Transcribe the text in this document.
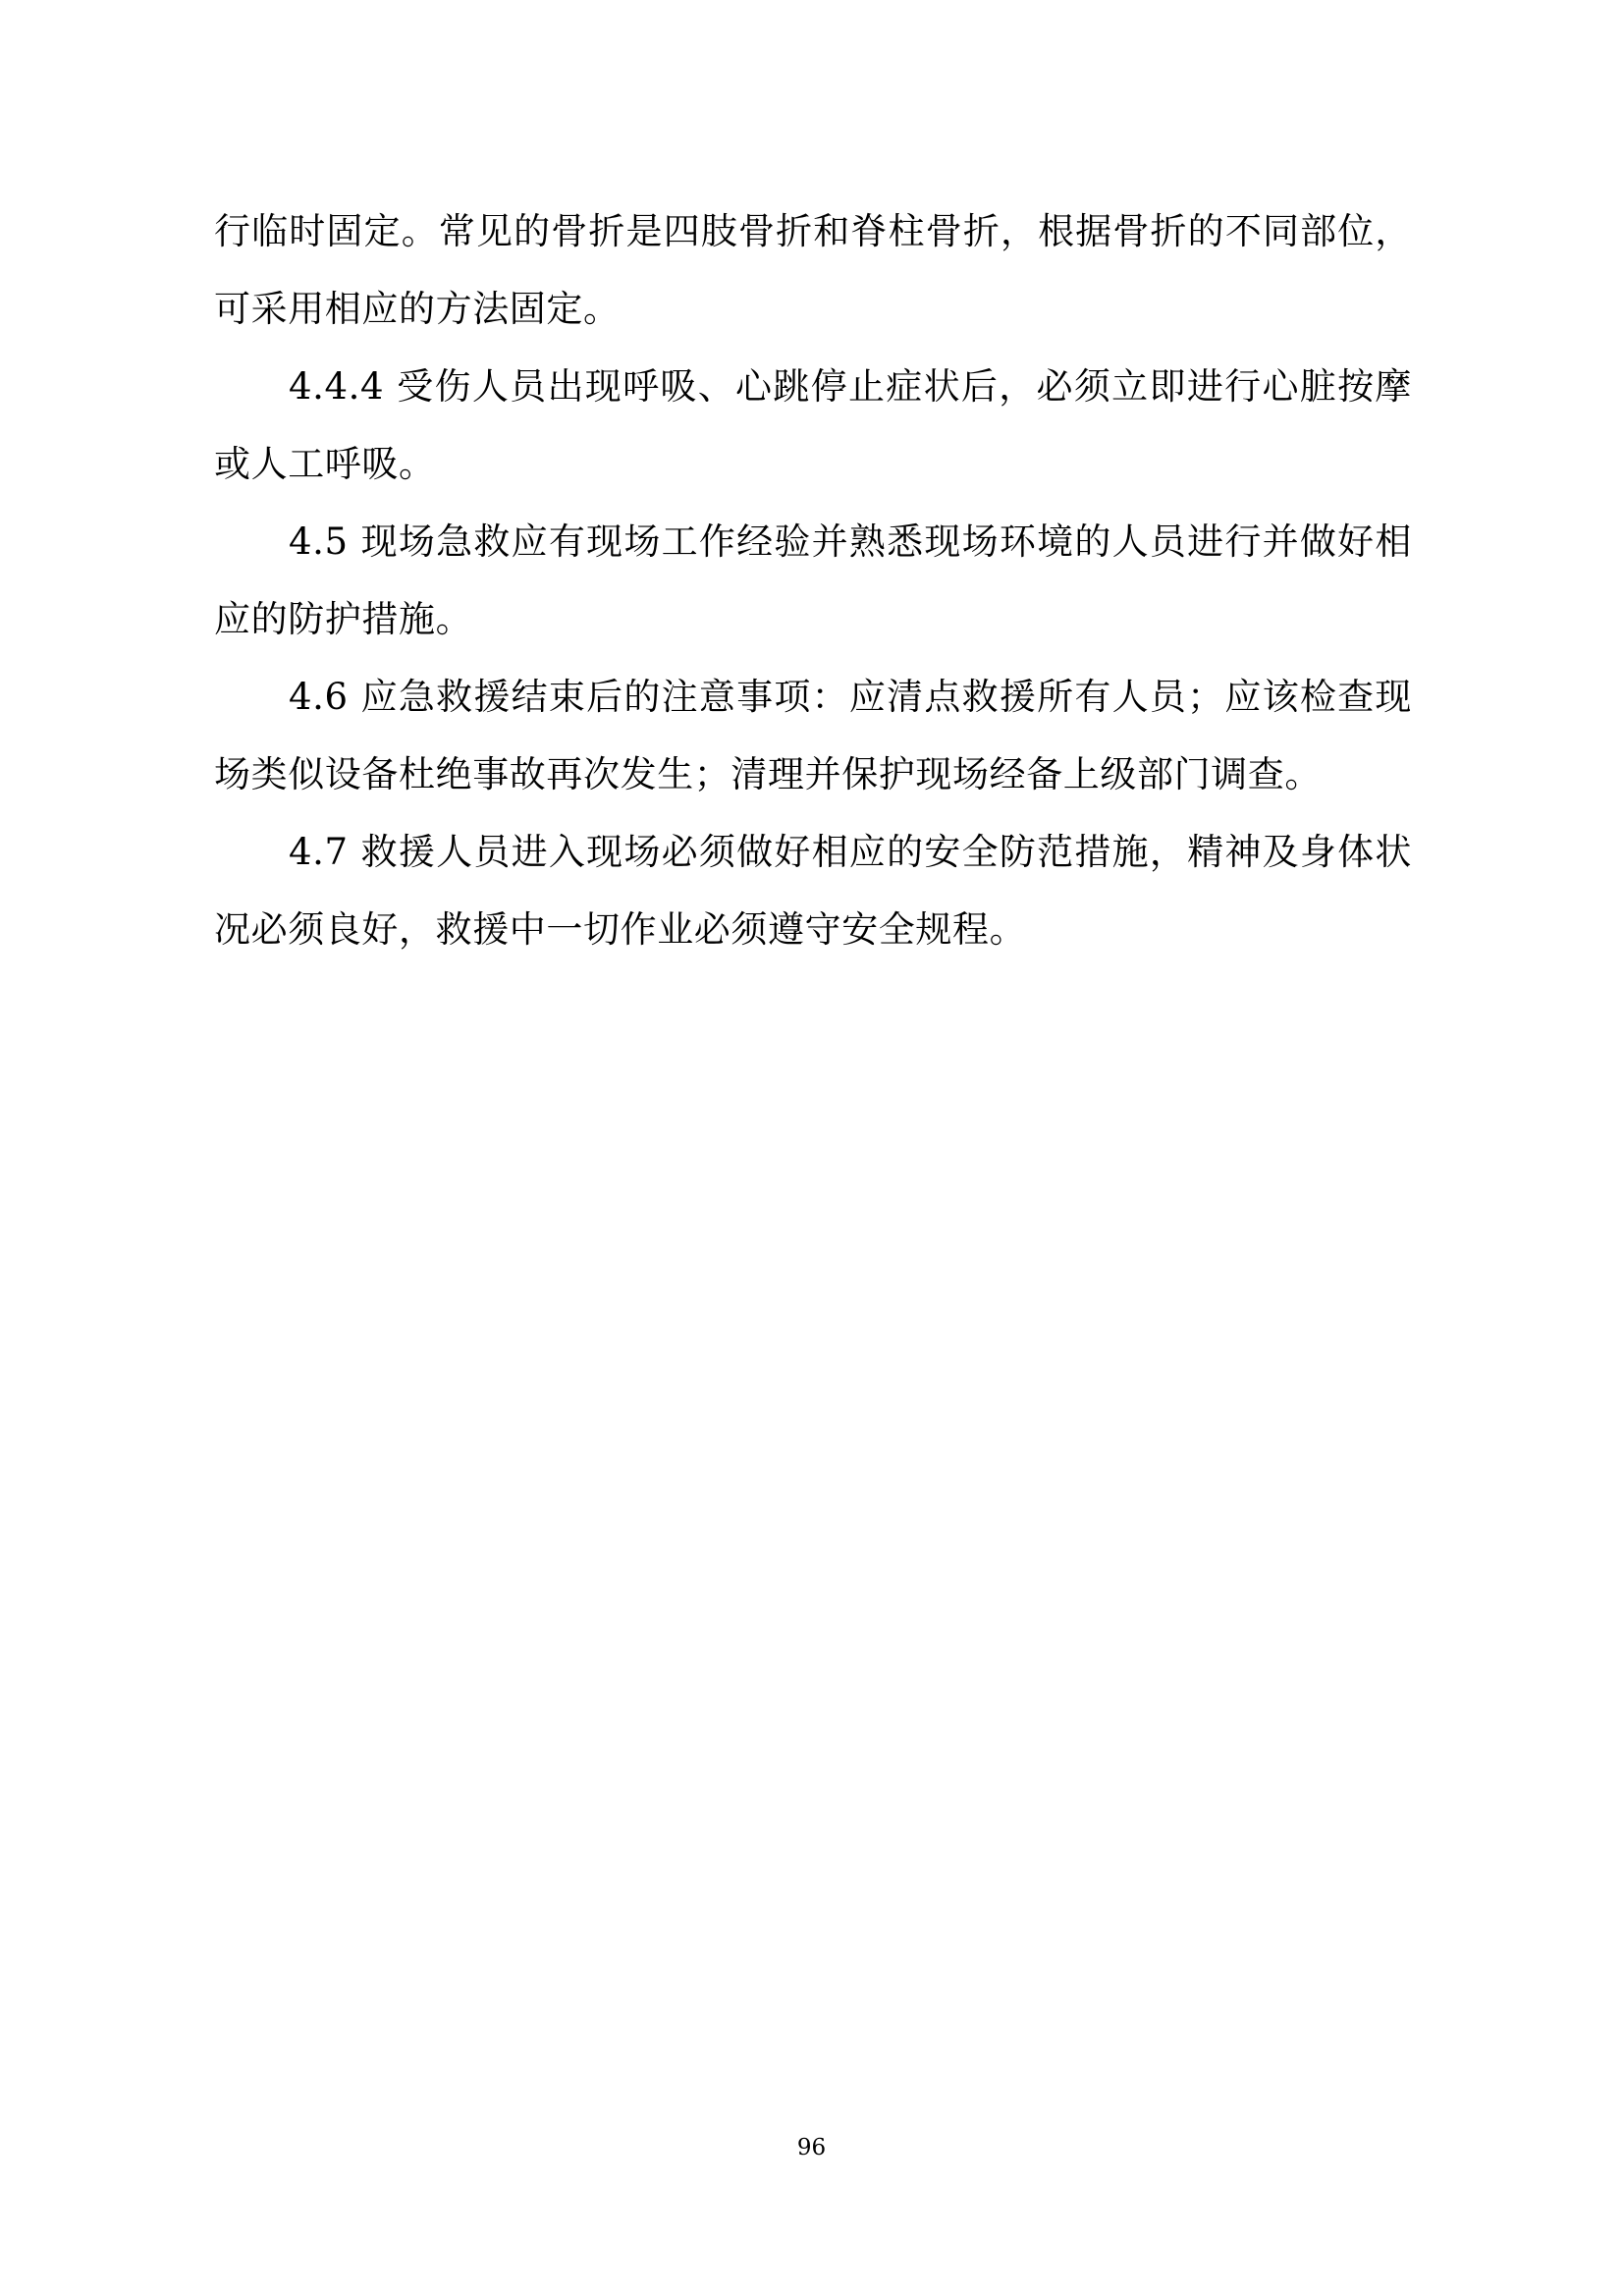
行临时固定。常见的骨折是四肢骨折和脊柱骨折，根据骨折的不同部位，可采用相应的方法固定。

4.4.4 受伤人员出现呼吸、心跳停止症状后，必须立即进行心脏按摩或人工呼吸。

4.5 现场急救应有现场工作经验并熟悉现场环境的人员进行并做好相应的防护措施。

4.6 应急救援结束后的注意事项：应清点救援所有人员；应该检查现场类似设备杜绝事故再次发生；清理并保护现场经备上级部门调查。

4.7 救援人员进入现场必须做好相应的安全防范措施，精神及身体状况必须良好，救援中一切作业必须遵守安全规程。

96
